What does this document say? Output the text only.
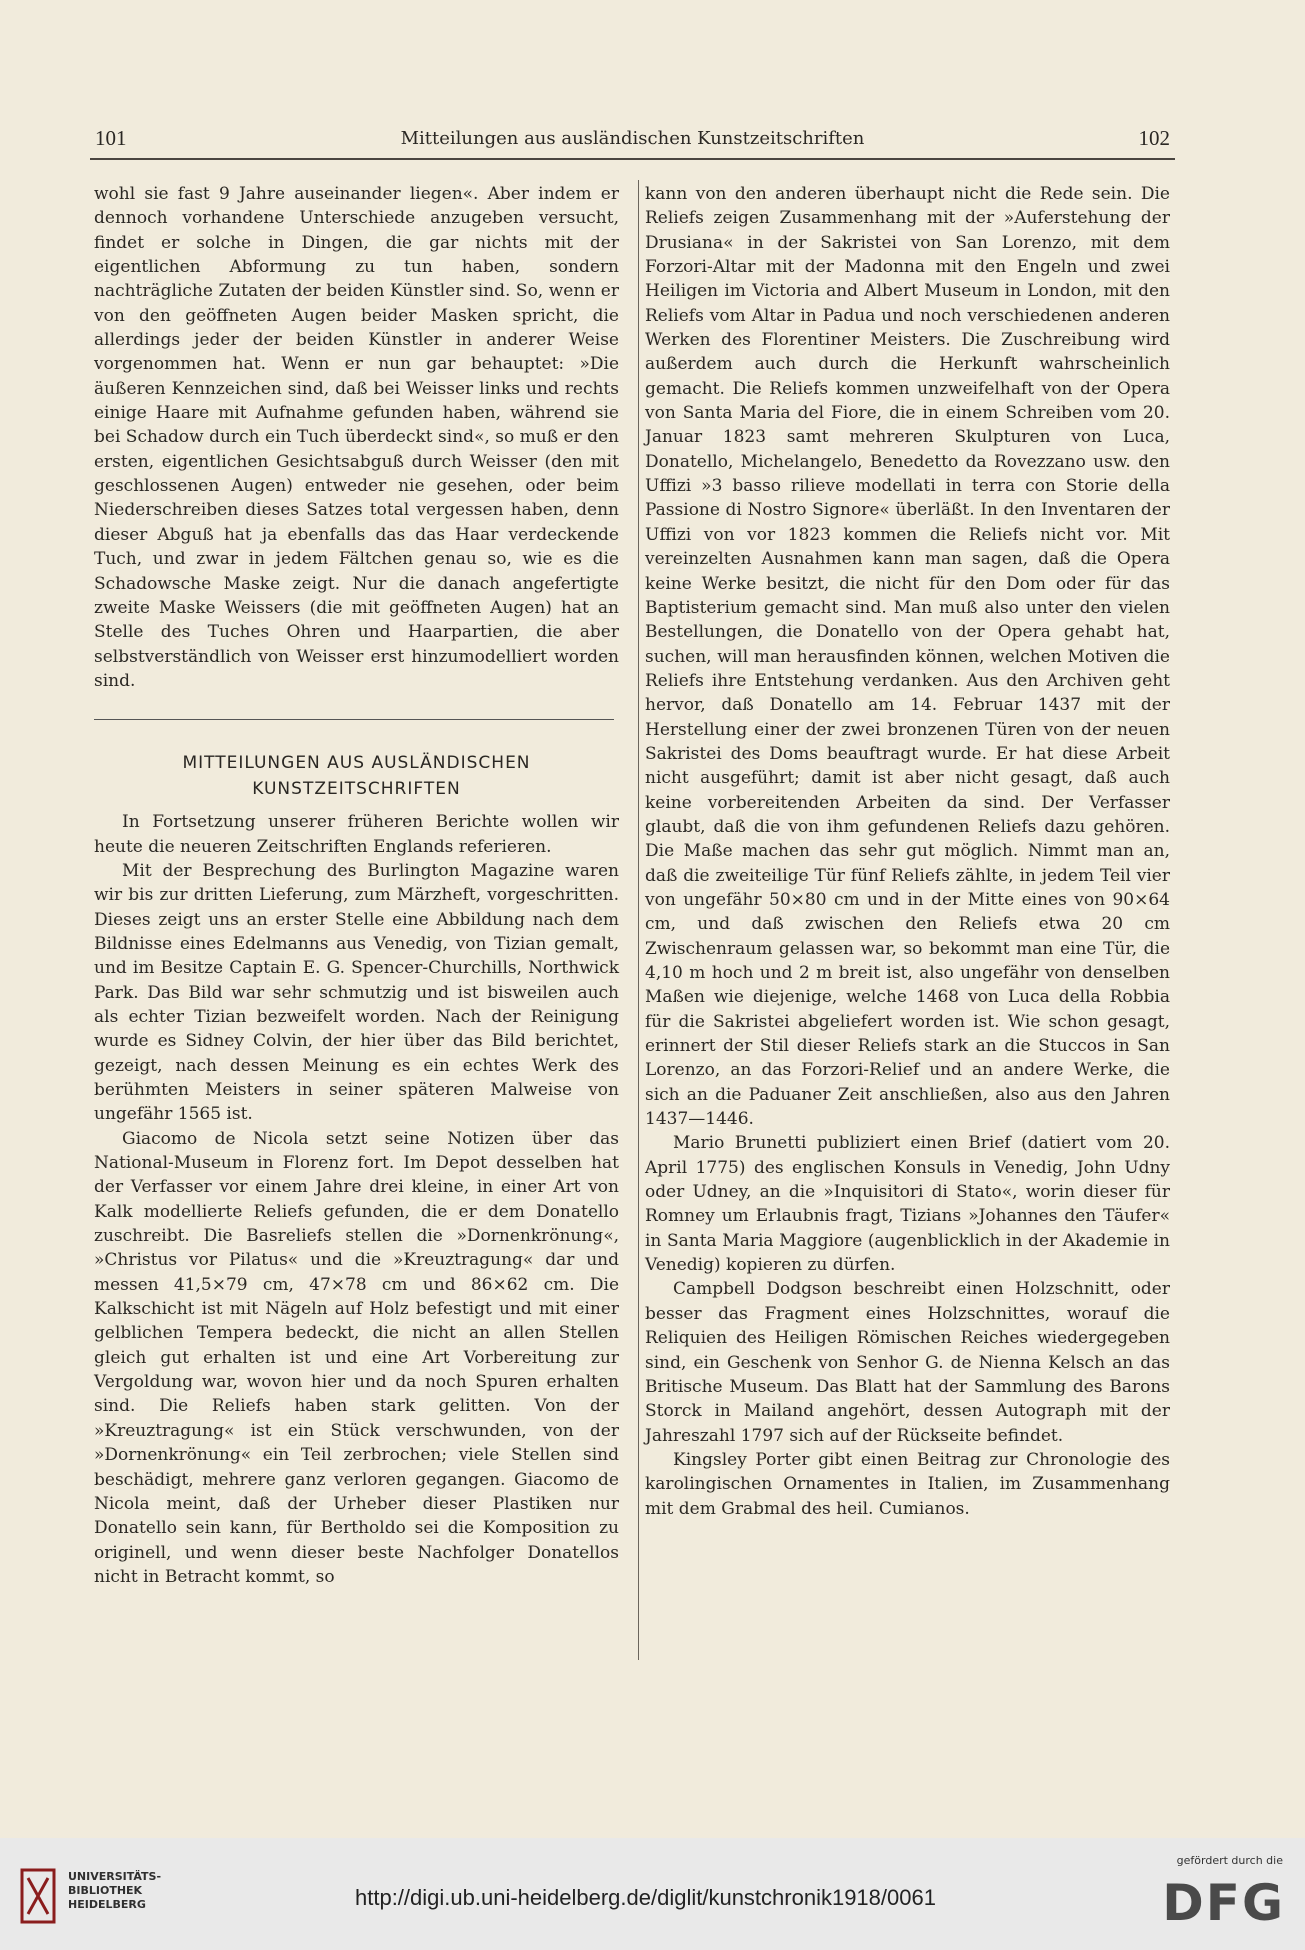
101	Mitteilungen aus ausländischen Kunstzeitschriften	102

wohl sie fast 9 Jahre auseinander liegen«. Aber indem er dennoch vorhandene Unterschiede anzugeben versucht, findet er solche in Dingen, die gar nichts mit der eigentlichen Abformung zu tun haben, sondern nachträgliche Zutaten der beiden Künstler sind. So, wenn er von den geöffneten Augen beider Masken spricht, die allerdings jeder der beiden Künstler in anderer Weise vorgenommen hat. Wenn er nun gar behauptet: »Die äußeren Kennzeichen sind, daß bei Weisser links und rechts einige Haare mit Aufnahme gefunden haben, während sie bei Schadow durch ein Tuch überdeckt sind«, so muß er den ersten, eigentlichen Gesichtsabguß durch Weisser (den mit geschlossenen Augen) entweder nie gesehen, oder beim Niederschreiben dieses Satzes total vergessen haben, denn dieser Abguß hat ja ebenfalls das das Haar verdeckende Tuch, und zwar in jedem Fältchen genau so, wie es die Schadowsche Maske zeigt. Nur die danach angefertigte zweite Maske Weissers (die mit geöffneten Augen) hat an Stelle des Tuches Ohren und Haarpartien, die aber selbstverständlich von Weisser erst hinzumodelliert worden sind.

MITTEILUNGEN AUS AUSLÄNDISCHEN KUNSTZEITSCHRIFTEN

In Fortsetzung unserer früheren Berichte wollen wir heute die neueren Zeitschriften Englands referieren.

Mit der Besprechung des Burlington Magazine waren wir bis zur dritten Lieferung, zum Märzheft, vorgeschritten. Dieses zeigt uns an erster Stelle eine Abbildung nach dem Bildnisse eines Edelmanns aus Venedig, von Tizian gemalt, und im Besitze Captain E. G. Spencer-Churchills, Northwick Park. Das Bild war sehr schmutzig und ist bisweilen auch als echter Tizian bezweifelt worden. Nach der Reinigung wurde es Sidney Colvin, der hier über das Bild berichtet, gezeigt, nach dessen Meinung es ein echtes Werk des berühmten Meisters in seiner späteren Malweise von ungefähr 1565 ist.

Giacomo de Nicola setzt seine Notizen über das National-Museum in Florenz fort. Im Depot desselben hat der Verfasser vor einem Jahre drei kleine, in einer Art von Kalk modellierte Reliefs gefunden, die er dem Donatello zuschreibt. Die Basreliefs stellen die »Dornenkrönung«, »Christus vor Pilatus« und die »Kreuztragung« dar und messen 41,5×79 cm, 47×78 cm und 86×62 cm. Die Kalkschicht ist mit Nägeln auf Holz befestigt und mit einer gelblichen Tempera bedeckt, die nicht an allen Stellen gleich gut erhalten ist und eine Art Vorbereitung zur Vergoldung war, wovon hier und da noch Spuren erhalten sind. Die Reliefs haben stark gelitten. Von der »Kreuztragung« ist ein Stück verschwunden, von der »Dornenkrönung« ein Teil zerbrochen; viele Stellen sind beschädigt, mehrere ganz verloren gegangen. Giacomo de Nicola meint, daß der Urheber dieser Plastiken nur Donatello sein kann, für Bertholdo sei die Komposition zu originell, und wenn dieser beste Nachfolger Donatellos nicht in Betracht kommt, so

kann von den anderen überhaupt nicht die Rede sein. Die Reliefs zeigen Zusammenhang mit der »Auferstehung der Drusiana« in der Sakristei von San Lorenzo, mit dem Forzori-Altar mit der Madonna mit den Engeln und zwei Heiligen im Victoria and Albert Museum in London, mit den Reliefs vom Altar in Padua und noch verschiedenen anderen Werken des Florentiner Meisters. Die Zuschreibung wird außerdem auch durch die Herkunft wahrscheinlich gemacht. Die Reliefs kommen unzweifelhaft von der Opera von Santa Maria del Fiore, die in einem Schreiben vom 20. Januar 1823 samt mehreren Skulpturen von Luca, Donatello, Michelangelo, Benedetto da Rovezzano usw. den Uffizi »3 basso rilieve modellati in terra con Storie della Passione di Nostro Signore« überläßt. In den Inventaren der Uffizi von vor 1823 kommen die Reliefs nicht vor. Mit vereinzelten Ausnahmen kann man sagen, daß die Opera keine Werke besitzt, die nicht für den Dom oder für das Baptisterium gemacht sind. Man muß also unter den vielen Bestellungen, die Donatello von der Opera gehabt hat, suchen, will man herausfinden können, welchen Motiven die Reliefs ihre Entstehung verdanken. Aus den Archiven geht hervor, daß Donatello am 14. Februar 1437 mit der Herstellung einer der zwei bronzenen Türen von der neuen Sakristei des Doms beauftragt wurde. Er hat diese Arbeit nicht ausgeführt; damit ist aber nicht gesagt, daß auch keine vorbereitenden Arbeiten da sind. Der Verfasser glaubt, daß die von ihm gefundenen Reliefs dazu gehören. Die Maße machen das sehr gut möglich. Nimmt man an, daß die zweiteilige Tür fünf Reliefs zählte, in jedem Teil vier von ungefähr 50×80 cm und in der Mitte eines von 90×64 cm, und daß zwischen den Reliefs etwa 20 cm Zwischenraum gelassen war, so bekommt man eine Tür, die 4,10 m hoch und 2 m breit ist, also ungefähr von denselben Maßen wie diejenige, welche 1468 von Luca della Robbia für die Sakristei abgeliefert worden ist. Wie schon gesagt, erinnert der Stil dieser Reliefs stark an die Stuccos in San Lorenzo, an das Forzori-Relief und an andere Werke, die sich an die Paduaner Zeit anschließen, also aus den Jahren 1437—1446.

Mario Brunetti publiziert einen Brief (datiert vom 20. April 1775) des englischen Konsuls in Venedig, John Udny oder Udney, an die »Inquisitori di Stato«, worin dieser für Romney um Erlaubnis fragt, Tizians »Johannes den Täufer« in Santa Maria Maggiore (augenblicklich in der Akademie in Venedig) kopieren zu dürfen.

Campbell Dodgson beschreibt einen Holzschnitt, oder besser das Fragment eines Holzschnittes, worauf die Reliquien des Heiligen Römischen Reiches wiedergegeben sind, ein Geschenk von Senhor G. de Nienna Kelsch an das Britische Museum. Das Blatt hat der Sammlung des Barons Storck in Mailand angehört, dessen Autograph mit der Jahreszahl 1797 sich auf der Rückseite befindet.

Kingsley Porter gibt einen Beitrag zur Chronologie des karolingischen Ornamentes in Italien, im Zusammenhang mit dem Grabmal des heil. Cumianos.

UNIVERSITÄTS-
BIBLIOTHEK
HEIDELBERG	http://digi.ub.uni-heidelberg.de/diglit/kunstchronik1918/0061
gefördert durch die
DFG
